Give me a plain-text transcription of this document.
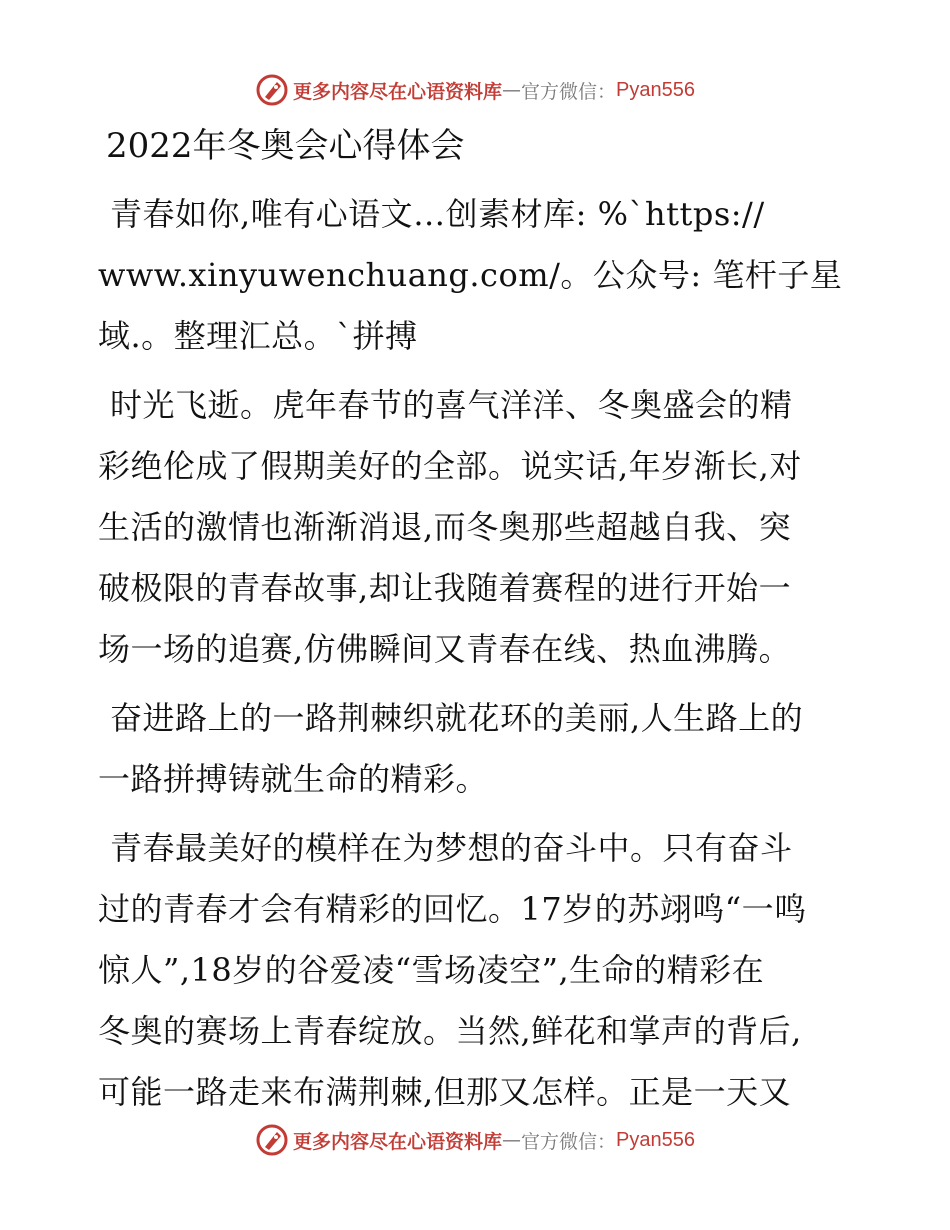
更多内容尽在心语资料库 — 官方微信： Pyan556
2022年冬奥会心得体会

青春如你,唯有心语文…创素材库: %`https://
www.xinyuwenchuang.com/。公众号: 笔杆子星
域.。整理汇总。`拼搏

时光飞逝。虎年春节的喜气洋洋、冬奥盛会的精
彩绝伦成了假期美好的全部。说实话,年岁渐长,对
生活的激情也渐渐消退,而冬奥那些超越自我、突
破极限的青春故事,却让我随着赛程的进行开始一
场一场的追赛,仿佛瞬间又青春在线、热血沸腾。

奋进路上的一路荆棘织就花环的美丽,人生路上的
一路拼搏铸就生命的精彩。

青春最美好的模样在为梦想的奋斗中。只有奋斗
过的青春才会有精彩的回忆。17岁的苏翊鸣“一鸣
惊人”,18岁的谷爱凌“雪场凌空”,生命的精彩在
冬奥的赛场上青春绽放。当然,鲜花和掌声的背后,
可能一路走来布满荆棘,但那又怎样。正是一天又

更多内容尽在心语资料库 — 官方微信： Pyan556
